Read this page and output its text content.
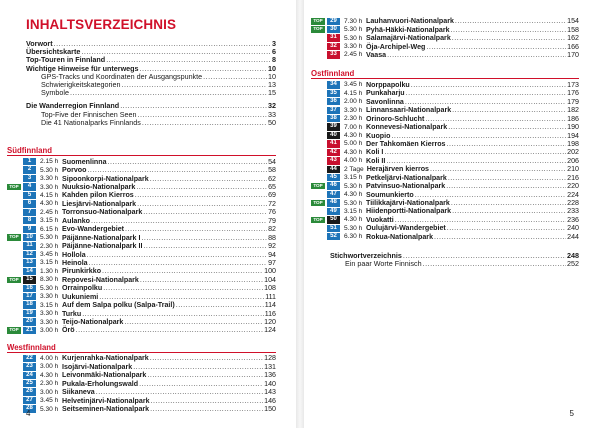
INHALTSVERZEICHNIS
Vorwort .....	3
Übersichtskarte .....	6
Top-Touren in Finnland .....	8
Wichtige Hinweise für unterwegs .....	10
GPS-Tracks und Koordinaten der Ausgangspunkte .....	10
Schwierigkeitskategorien .....	13
Symbole .....	15
Die Wanderregion Finnland .....	32
Top-Five der Finnischen Seen .....	33
Die 41 Nationalparks Finnlands .....	50
Südfinnland
1	2.15 h Suomenlinna .....	54
2	5.30 h Porvoo .....	58
3	3.30 h Sipoonkorpi-Nationalpark .....	62
TOP	4	3.30 h Nuuksio-Nationalpark .....	65
5	4.15 h Kahden pilon Kierros .....	69
6	4.30 h Liesjärvi-Nationalpark .....	72
7	2.45 h Torronsuo-Nationalpark .....	76
8	3.15 h Aulanko .....	79
9	6.15 h Evo-Wandergebiet .....	82
TOP	10	5.30 h Päijänne-Nationalpark I .....	88
11	2.30 h Päijänne-Nationalpark II .....	92
12	3.45 h Hollola .....	94
13	3.15 h Heinola .....	97
14	1.30 h Pirunkirkko .....	100
TOP	15	8.30 h Repovesi-Nationalpark .....	104
16	5.30 h Orrainpolku .....	108
17	3.30 h Uukuniemi .....	111
18	3.15 h Auf dem Salpa polku (Salpa-Trail) .....	114
19	3.30 h Turku .....	116
20	3.30 h Teijo-Nationalpark .....	120
TOP	21	3.00 h Örö .....	124
Westfinnland
22	4.00 h Kurjenrahka-Nationalpark .....	128
23	3.00 h Isojärvi-Nationalpark .....	131
24	4.30 h Leivonmäki-Nationalpark .....	136
25	2.30 h Pukala-Erholungswald .....	140
26	3.00 h Siikaneva .....	143
27	3.45 h Helvetinjärvi-Nationalpark .....	146
28	5.30 h Seitseminen-Nationalpark .....	150
4
TOP	29	7.30 h Lauhanvuori-Nationalpark .....	154
TOP	30	5.30 h Pyhä-Häkki-Nationalpark .....	158
31	5.30 h Salamajärvi-Nationalpark .....	162
32	3.30 h Öja-Archipel-Weg .....	166
33	2.45 h Vaasa .....	170
Ostfinnland
34	3.45 h Norppapolku .....	173
35	4.15 h Punkaharju .....	176
36	2.00 h Savonlinna .....	179
37	3.30 h Linnansaari-Nationalpark .....	182
38	2.30 h Orinoro-Schlucht .....	186
39	7.00 h Konnevesi-Nationalpark .....	190
40	4.30 h Kuopio .....	194
41	5.00 h Der Tahkomäen Kierros .....	198
42	4.30 h Koli I .....	202
43	4.00 h Koli II .....	206
44	2 Tage Herajärven kierros .....	210
45	3.15 h Petkeljärvi-Nationalpark .....	216
TOP	46	5.30 h Patvinsuo-Nationalpark .....	220
47	4.30 h Soumunkierto .....	224
TOP	48	5.30 h Tiilikkajärvi-Nationalpark .....	228
49	3.15 h Hiidenportti-Nationalpark .....	233
TOP	50	4.30 h Vuokatti .....	236
51	5.30 h Oulujärvi-Wandergebiet .....	240
52	6.30 h Rokua-Nationalpark .....	244
Stichwortverzeichnis .....	248
Ein paar Worte Finnisch .....	252
5
